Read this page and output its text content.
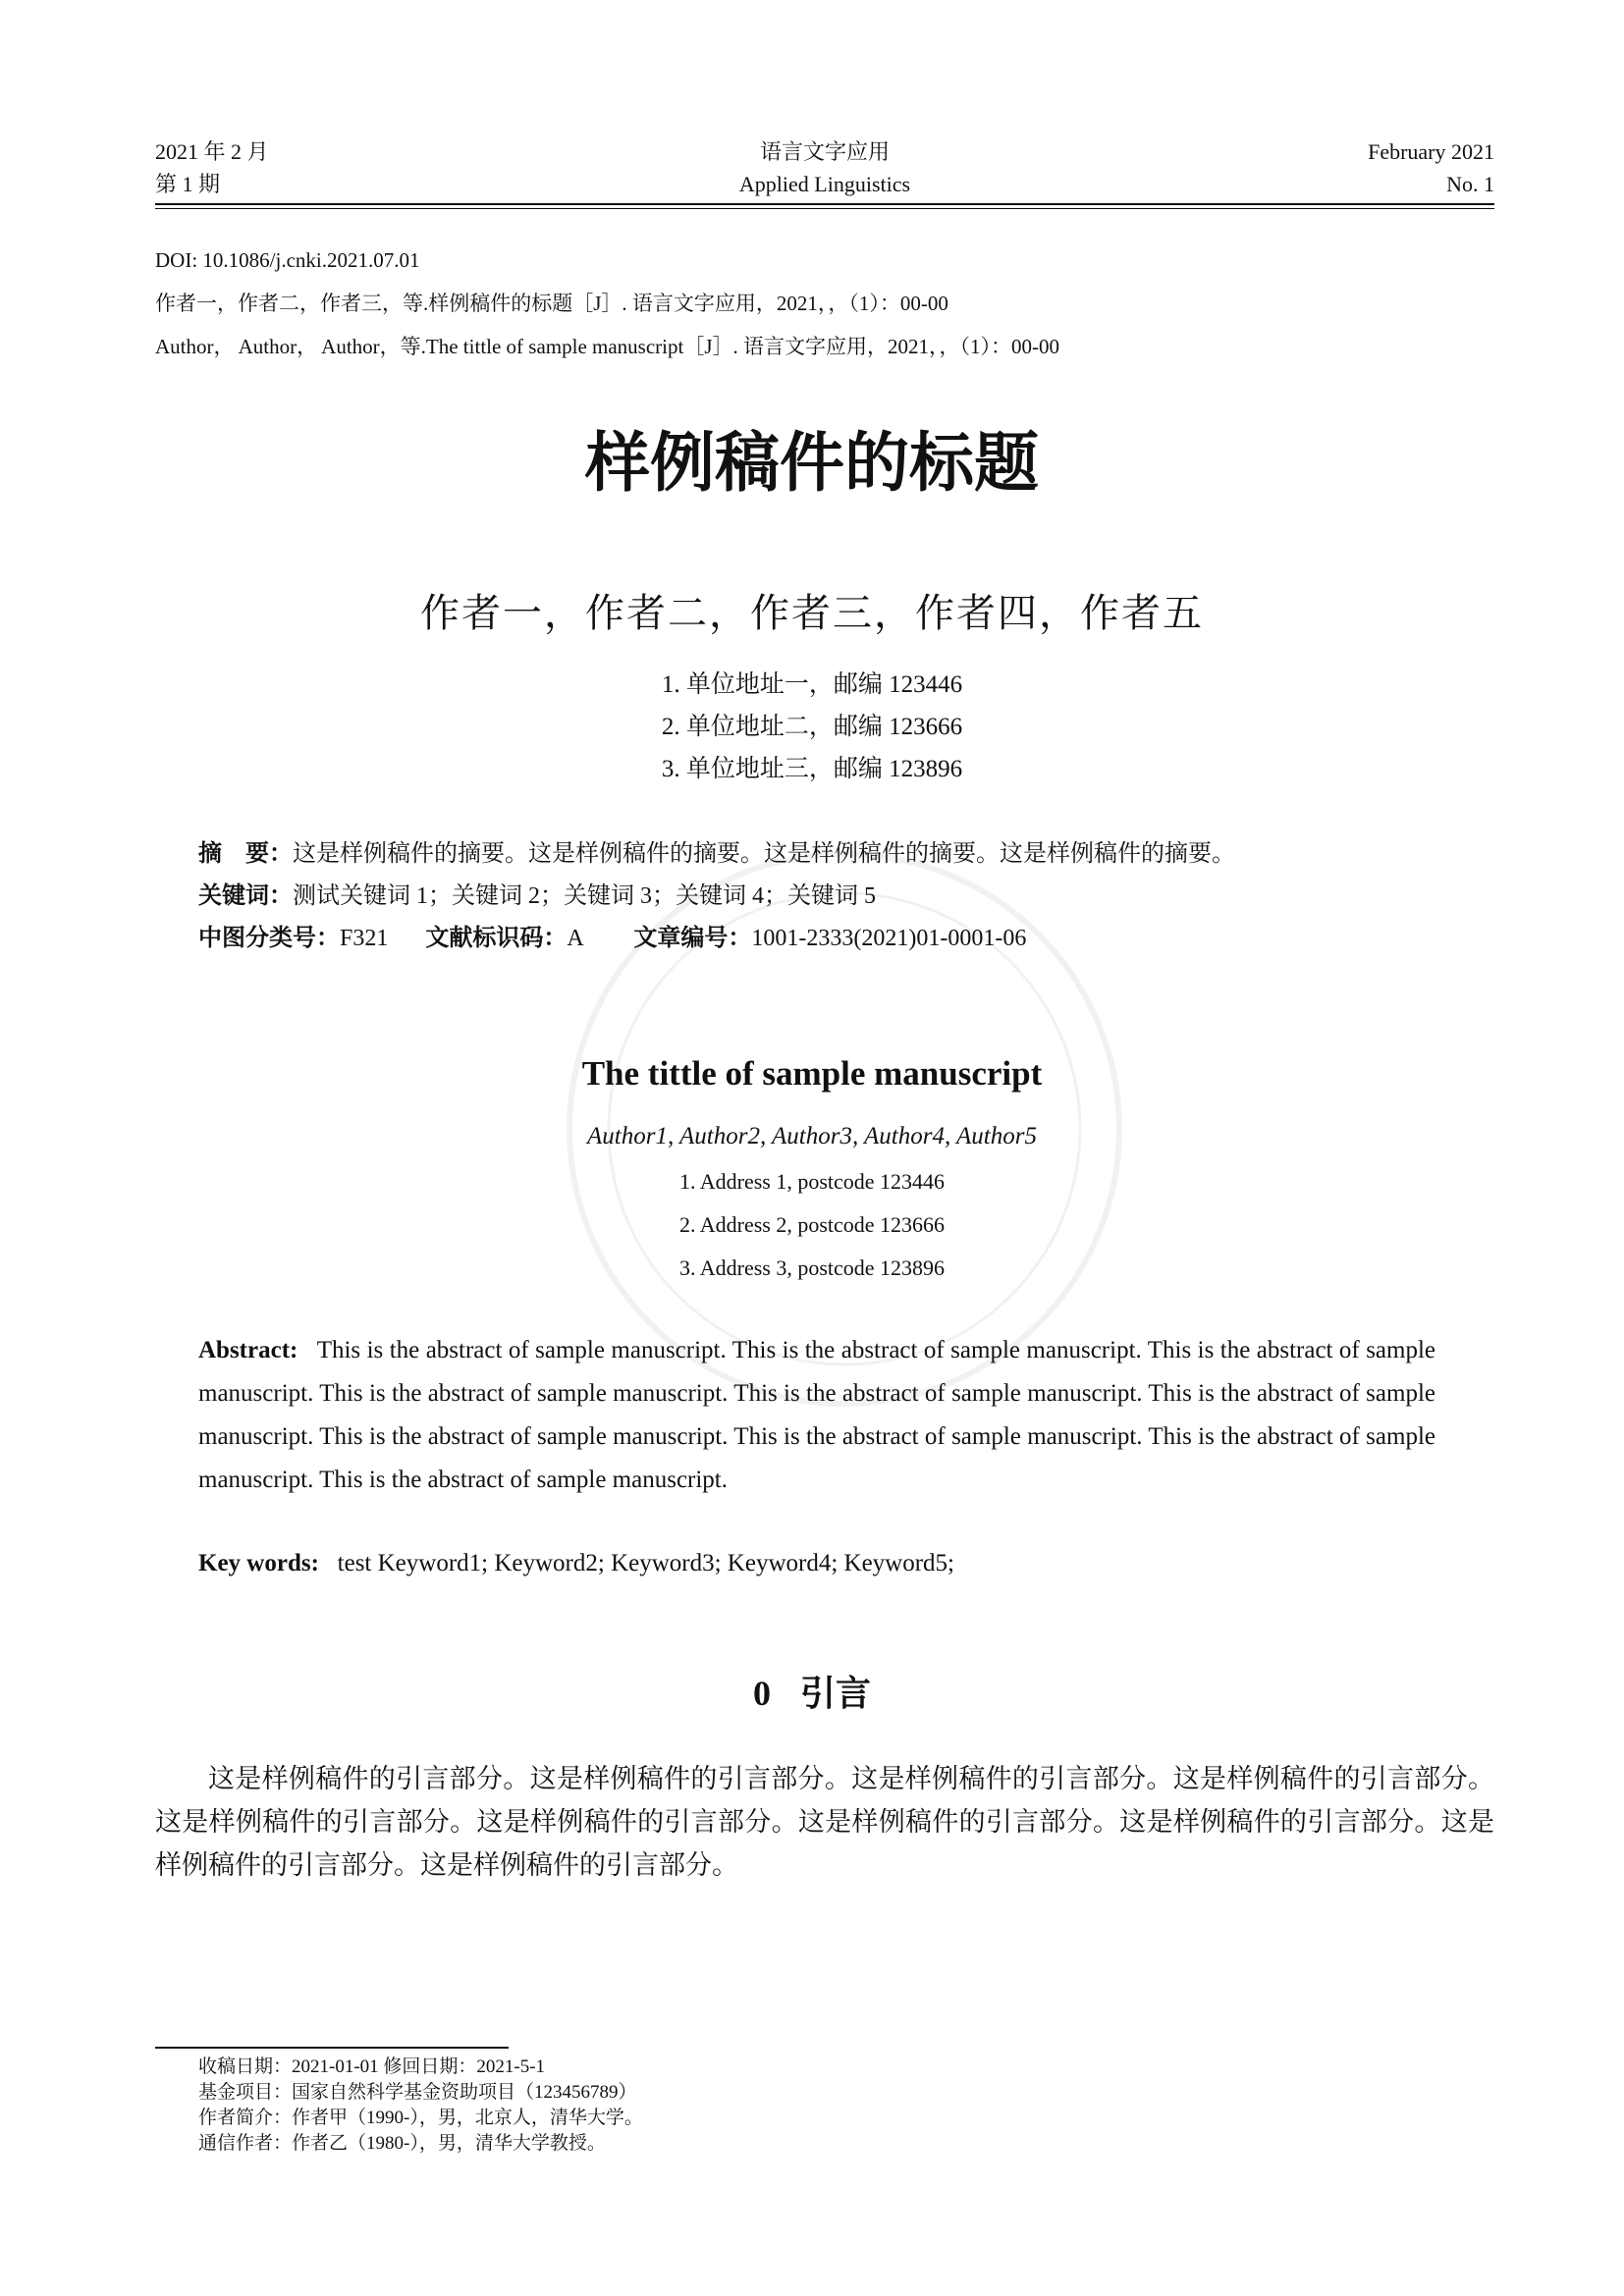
2021 年 2 月
第 1 期
语言文字应用
Applied Linguistics
February 2021
No. 1
DOI: 10.1086/j.cnki.2021.07.01
作者一，作者二，作者三，等.样例稿件的标题［J］. 语言文字应用，2021，，（1）：00-00
Author， Author， Author，等.The tittle of sample manuscript［J］. 语言文字应用，2021，，（1）：00-00
样例稿件的标题
作者一，作者二，作者三，作者四，作者五
1. 单位地址一，邮编 123446
2. 单位地址二，邮编 123666
3. 单位地址三，邮编 123896
摘　要：这是样例稿件的摘要。这是样例稿件的摘要。这是样例稿件的摘要。这是样例稿件的摘要。
关键词：测试关键词 1；关键词 2；关键词 3；关键词 4；关键词 5
中图分类号：F321 文献标识码：A 文章编号：1001-2333(2021)01-0001-06
The tittle of sample manuscript
Author1, Author2, Author3, Author4, Author5
1. Address 1, postcode 123446
2. Address 2, postcode 123666
3. Address 3, postcode 123896
Abstract: This is the abstract of sample manuscript. This is the abstract of sample manuscript. This is the abstract of sample manuscript. This is the abstract of sample manuscript. This is the abstract of sample manuscript. This is the abstract of sample manuscript. This is the abstract of sample manuscript. This is the abstract of sample manuscript. This is the abstract of sample manuscript. This is the abstract of sample manuscript.
Key words: test Keyword1; Keyword2; Keyword3; Keyword4; Keyword5;
0 引言
这是样例稿件的引言部分。这是样例稿件的引言部分。这是样例稿件的引言部分。这是样例稿件的引言部分。这是样例稿件的引言部分。这是样例稿件的引言部分。这是样例稿件的引言部分。这是样例稿件的引言部分。这是样例稿件的引言部分。这是样例稿件的引言部分。
收稿日期：2021-01-01 修回日期：2021-5-1
基金项目：国家自然科学基金资助项目（123456789）
作者简介：作者甲（1990-），男，北京人，清华大学。
通信作者：作者乙（1980-），男，清华大学教授。
